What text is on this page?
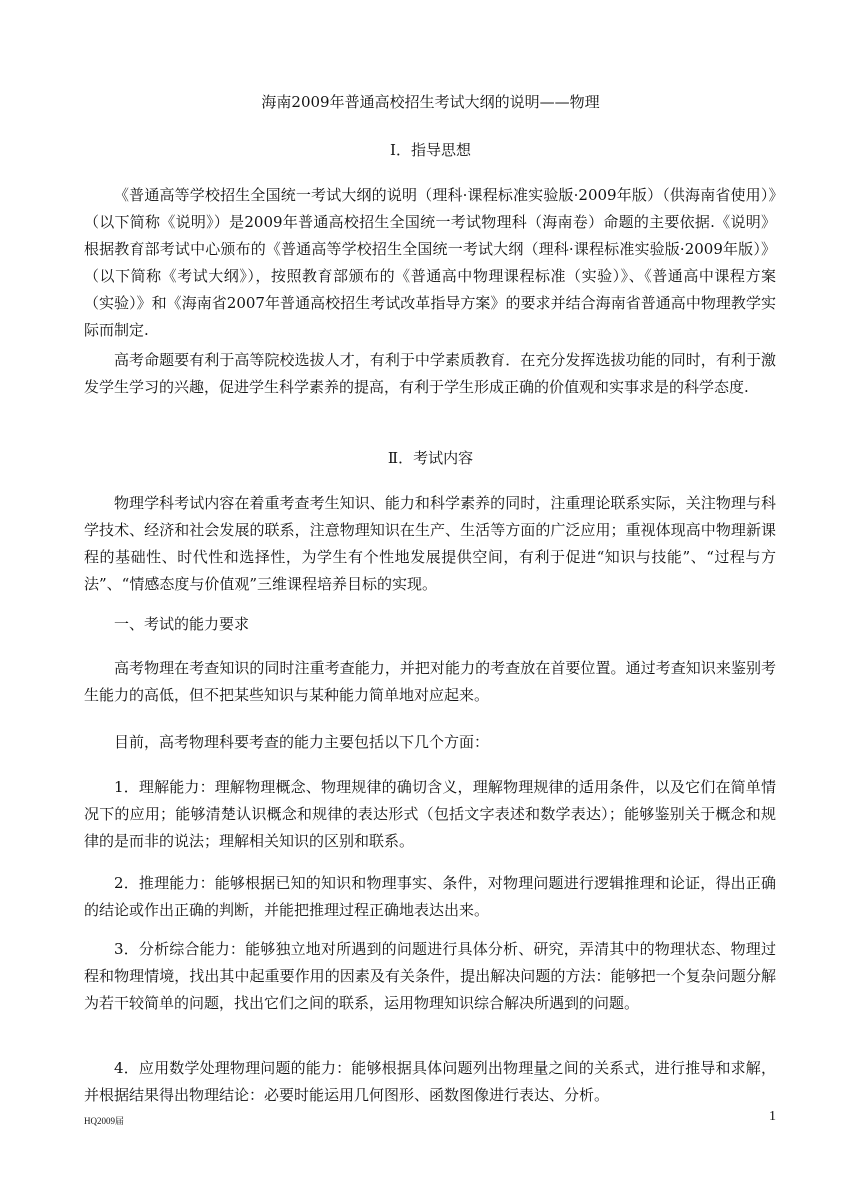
海南2009年普通高校招生考试大纲的说明——物理
I．指导思想
《普通高等学校招生全国统一考试大纲的说明（理科·课程标准实验版·2009年版）（供海南省使用）》（以下简称《说明》）是2009年普通高校招生全国统一考试物理科（海南卷）命题的主要依据.《说明》根据教育部考试中心颁布的《普通高等学校招生全国统一考试大纲（理科·课程标准实验版·2009年版）》（以下简称《考试大纲》），按照教育部颁布的《普通高中物理课程标准（实验）》、《普通高中课程方案（实验）》和《海南省2007年普通高校招生考试改革指导方案》的要求并结合海南省普通高中物理教学实际而制定.
高考命题要有利于高等院校选拔人才，有利于中学素质教育．在充分发挥选拔功能的同时，有利于激发学生学习的兴趣，促进学生科学素养的提高，有利于学生形成正确的价值观和实事求是的科学态度.
Ⅱ．考试内容
物理学科考试内容在着重考查考生知识、能力和科学素养的同时，注重理论联系实际，关注物理与科学技术、经济和社会发展的联系，注意物理知识在生产、生活等方面的广泛应用；重视体现高中物理新课程的基础性、时代性和选择性，为学生有个性地发展提供空间，有利于促进“知识与技能”、“过程与方法”、“情感态度与价值观”三维课程培养目标的实现。
一、考试的能力要求
高考物理在考查知识的同时注重考查能力，并把对能力的考查放在首要位置。通过考查知识来鉴别考生能力的高低，但不把某些知识与某种能力简单地对应起来。
目前，高考物理科要考查的能力主要包括以下几个方面：
1．理解能力：理解物理概念、物理规律的确切含义，理解物理规律的适用条件，以及它们在简单情况下的应用；能够清楚认识概念和规律的表达形式（包括文字表述和数学表达）；能够鉴别关于概念和规律的是而非的说法；理解相关知识的区别和联系。
2．推理能力：能够根据已知的知识和物理事实、条件，对物理问题进行逻辑推理和论证，得出正确的结论或作出正确的判断，并能把推理过程正确地表达出来。
3．分析综合能力：能够独立地对所遇到的问题进行具体分析、研究，弄清其中的物理状态、物理过程和物理情境，找出其中起重要作用的因素及有关条件，提出解决问题的方法：能够把一个复杂问题分解为若干较简单的问题，找出它们之间的联系，运用物理知识综合解决所遇到的问题。
4．应用数学处理物理问题的能力：能够根据具体问题列出物理量之间的关系式，进行推导和求解，并根据结果得出物理结论：必要时能运用几何图形、函数图像进行表达、分析。
HQ2009届	1
